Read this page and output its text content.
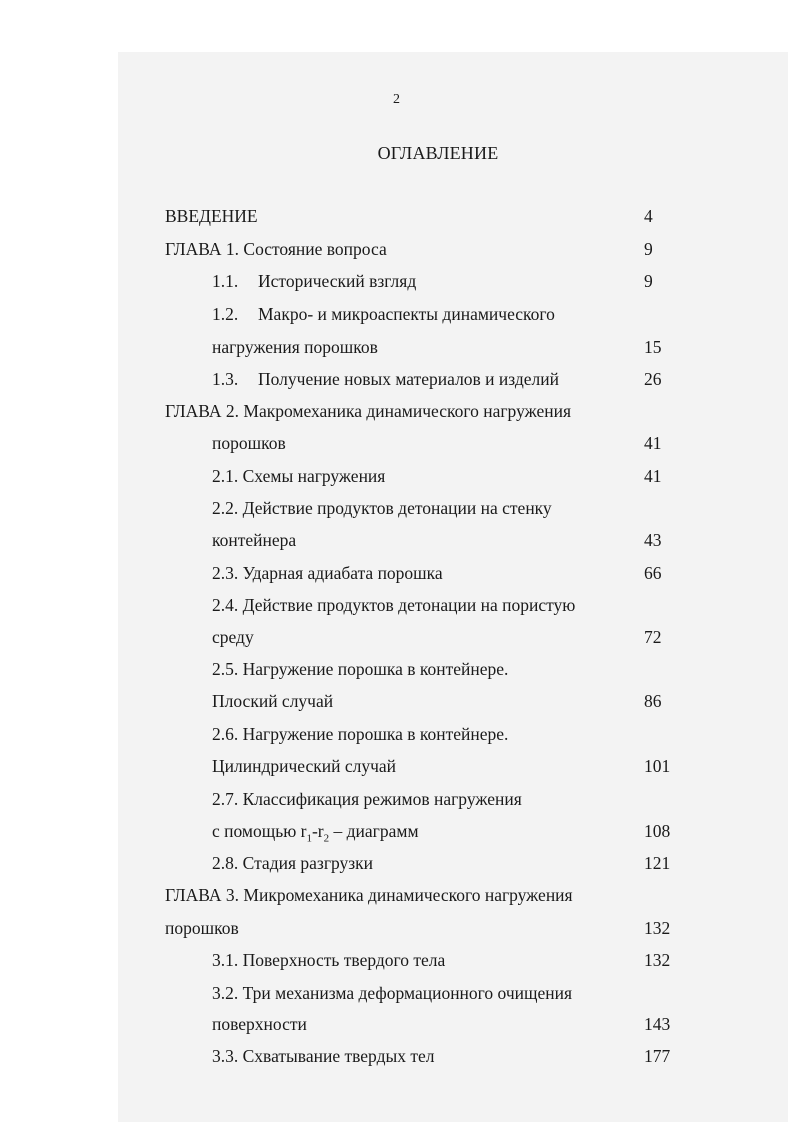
2
ОГЛАВЛЕНИЕ
ВВЕДЕНИЕ	4
ГЛАВА 1. Состояние вопроса	9
1.1. Исторический взгляд	9
1.2. Макро- и микроаспекты динамического
нагружения порошков	15
1.3. Получение новых материалов и изделий	26
ГЛАВА 2. Макромеханика динамического нагружения
порошков	41
2.1. Схемы нагружения	41
2.2. Действие продуктов детонации на стенку
контейнера	43
2.3. Ударная адиабата порошка	66
2.4. Действие продуктов детонации на пористую
среду	72
2.5. Нагружение порошка в контейнере.
Плоский случай	86
2.6. Нагружение порошка в контейнере.
Цилиндрический случай	101
2.7. Классификация режимов нагружения
с помощью $r_1-r_2$ – диаграмм	108
2.8. Стадия разгрузки	121
ГЛАВА 3. Микромеханика динамического нагружения
порошков	132
3.1. Поверхность твердого тела	132
3.2. Три механизма деформационного очищения
поверхности	143
3.3. Схватывание твердых тел	177
